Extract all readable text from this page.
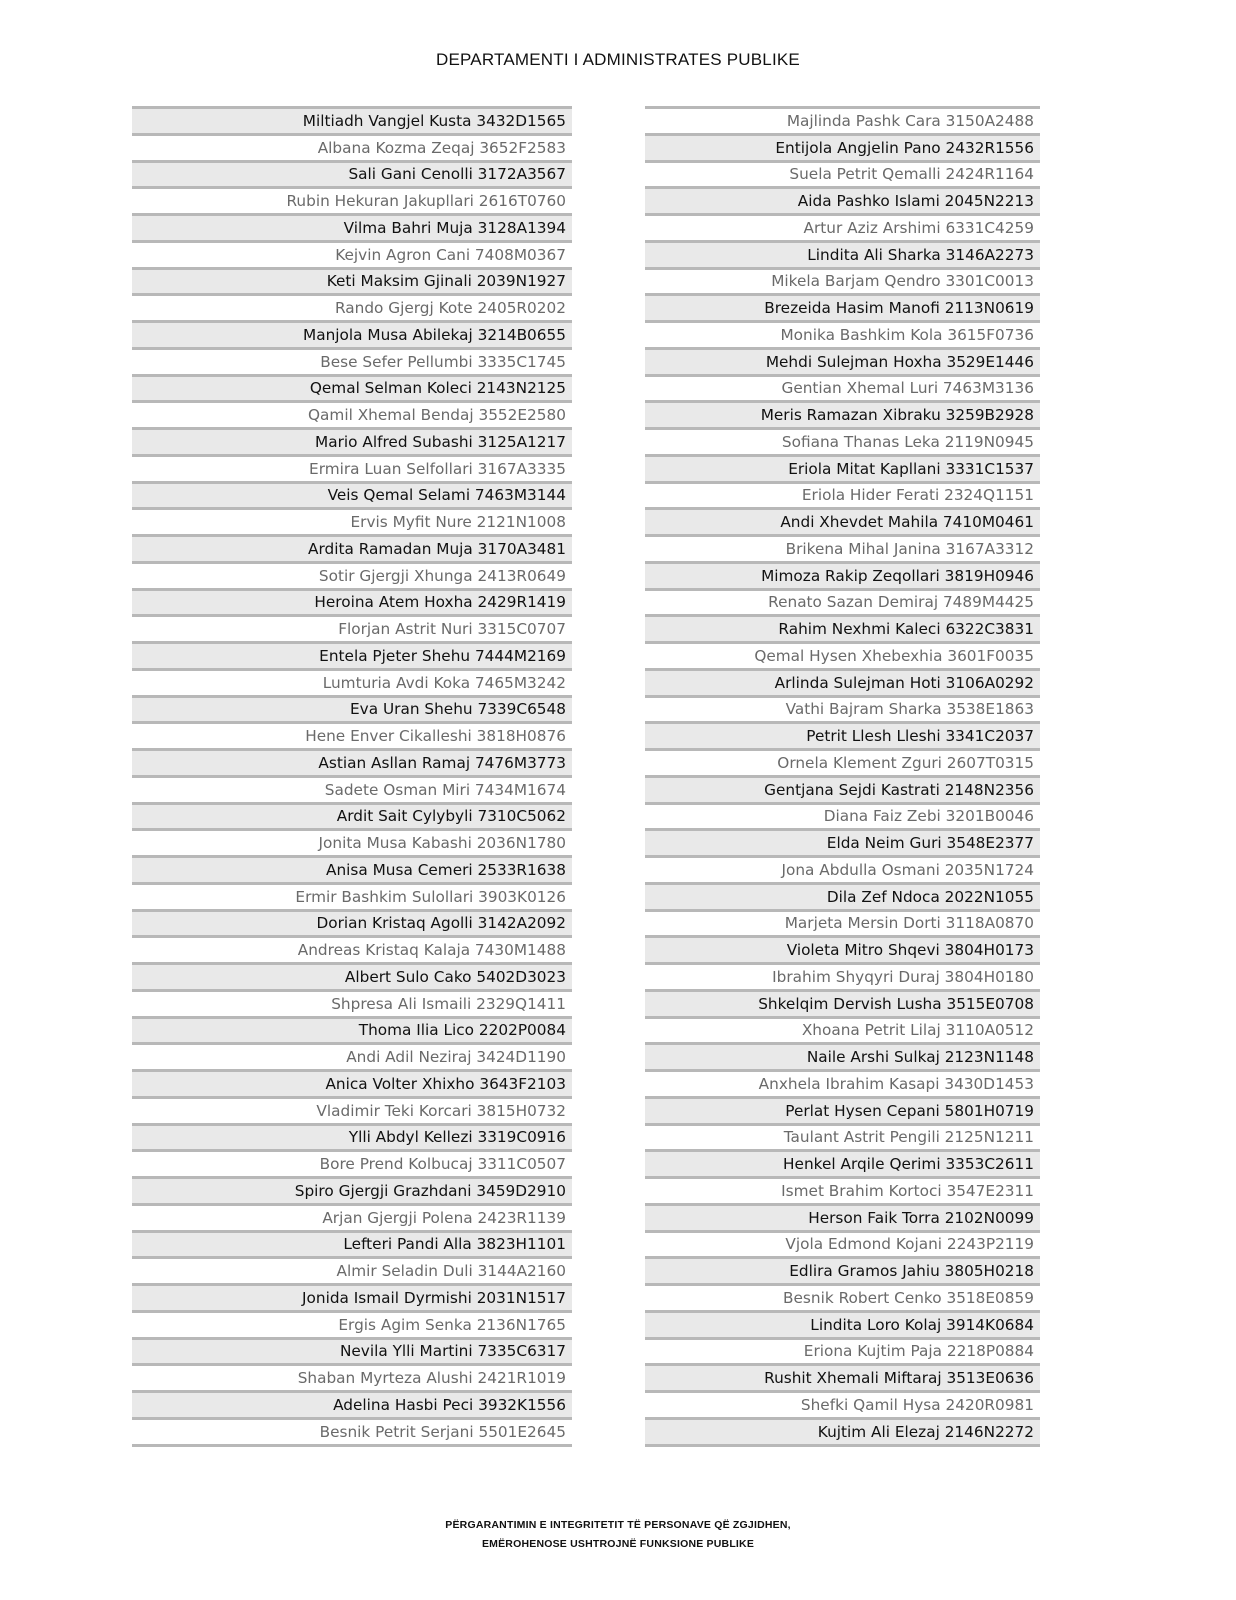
DEPARTAMENTI I ADMINISTRATES PUBLIKE
Miltiadh Vangjel Kusta 3432D1565
Albana Kozma Zeqaj 3652F2583
Sali Gani Cenolli 3172A3567
Rubin Hekuran Jakupllari 2616T0760
Vilma Bahri Muja 3128A1394
Kejvin Agron Cani 7408M0367
Keti Maksim Gjinali 2039N1927
Rando Gjergj Kote 2405R0202
Manjola Musa Abilekaj 3214B0655
Bese Sefer Pellumbi 3335C1745
Qemal Selman Koleci 2143N2125
Qamil Xhemal Bendaj 3552E2580
Mario Alfred Subashi 3125A1217
Ermira Luan Selfollari 3167A3335
Veis Qemal Selami 7463M3144
Ervis Myfit Nure 2121N1008
Ardita Ramadan Muja 3170A3481
Sotir Gjergji Xhunga 2413R0649
Heroina Atem Hoxha 2429R1419
Florjan Astrit Nuri 3315C0707
Entela Pjeter Shehu 7444M2169
Lumturia Avdi Koka 7465M3242
Eva Uran Shehu 7339C6548
Hene Enver Cikalleshi 3818H0876
Astian Asllan Ramaj 7476M3773
Sadete Osman Miri 7434M1674
Ardit Sait Cylybyli 7310C5062
Jonita Musa Kabashi 2036N1780
Anisa Musa Cemeri 2533R1638
Ermir Bashkim Sulollari 3903K0126
Dorian Kristaq Agolli 3142A2092
Andreas Kristaq Kalaja 7430M1488
Albert Sulo Cako 5402D3023
Shpresa Ali Ismaili 2329Q1411
Thoma Ilia Lico 2202P0084
Andi Adil Neziraj 3424D1190
Anica Volter Xhixho 3643F2103
Vladimir Teki Korcari 3815H0732
Ylli Abdyl Kellezi 3319C0916
Bore Prend Kolbucaj 3311C0507
Spiro Gjergji Grazhdani 3459D2910
Arjan Gjergji Polena 2423R1139
Lefteri Pandi Alla 3823H1101
Almir Seladin Duli 3144A2160
Jonida Ismail Dyrmishi 2031N1517
Ergis Agim Senka 2136N1765
Nevila Ylli Martini 7335C6317
Shaban Myrteza Alushi 2421R1019
Adelina Hasbi Peci 3932K1556
Besnik Petrit Serjani 5501E2645
Majlinda Pashk Cara 3150A2488
Entijola Angjelin Pano 2432R1556
Suela Petrit Qemalli 2424R1164
Aida Pashko Islami 2045N2213
Artur Aziz Arshimi 6331C4259
Lindita Ali Sharka 3146A2273
Mikela Barjam Qendro 3301C0013
Brezeida Hasim Manofi 2113N0619
Monika Bashkim Kola 3615F0736
Mehdi Sulejman Hoxha 3529E1446
Gentian Xhemal Luri 7463M3136
Meris Ramazan Xibraku 3259B2928
Sofiana Thanas Leka 2119N0945
Eriola Mitat Kapllani 3331C1537
Eriola Hider Ferati 2324Q1151
Andi Xhevdet Mahila 7410M0461
Brikena Mihal Janina 3167A3312
Mimoza Rakip Zeqollari 3819H0946
Renato Sazan Demiraj 7489M4425
Rahim Nexhmi Kaleci 6322C3831
Qemal Hysen Xhebexhia 3601F0035
Arlinda Sulejman Hoti 3106A0292
Vathi Bajram Sharka 3538E1863
Petrit Llesh Lleshi 3341C2037
Ornela Klement Zguri 2607T0315
Gentjana Sejdi Kastrati 2148N2356
Diana Faiz Zebi 3201B0046
Elda Neim Guri 3548E2377
Jona Abdulla Osmani 2035N1724
Dila Zef Ndoca 2022N1055
Marjeta Mersin Dorti 3118A0870
Violeta Mitro Shqevi 3804H0173
Ibrahim Shyqyri Duraj 3804H0180
Shkelqim Dervish Lusha 3515E0708
Xhoana Petrit Lilaj 3110A0512
Naile Arshi Sulkaj 2123N1148
Anxhela Ibrahim Kasapi 3430D1453
Perlat Hysen Cepani 5801H0719
Taulant Astrit Pengili 2125N1211
Henkel Arqile Qerimi 3353C2611
Ismet Brahim Kortoci 3547E2311
Herson Faik Torra 2102N0099
Vjola Edmond Kojani 2243P2119
Edlira Gramos Jahiu 3805H0218
Besnik Robert Cenko 3518E0859
Lindita Loro Kolaj 3914K0684
Eriona Kujtim Paja 2218P0884
Rushit Xhemali Miftaraj 3513E0636
Shefki Qamil Hysa 2420R0981
Kujtim Ali Elezaj 2146N2272
PËRGARANTIMIN E INTEGRITETIT TË PERSONAVE QË ZGJIDHEN,
EMËROHENOSE USHTROJNË FUNKSIONE PUBLIKE
